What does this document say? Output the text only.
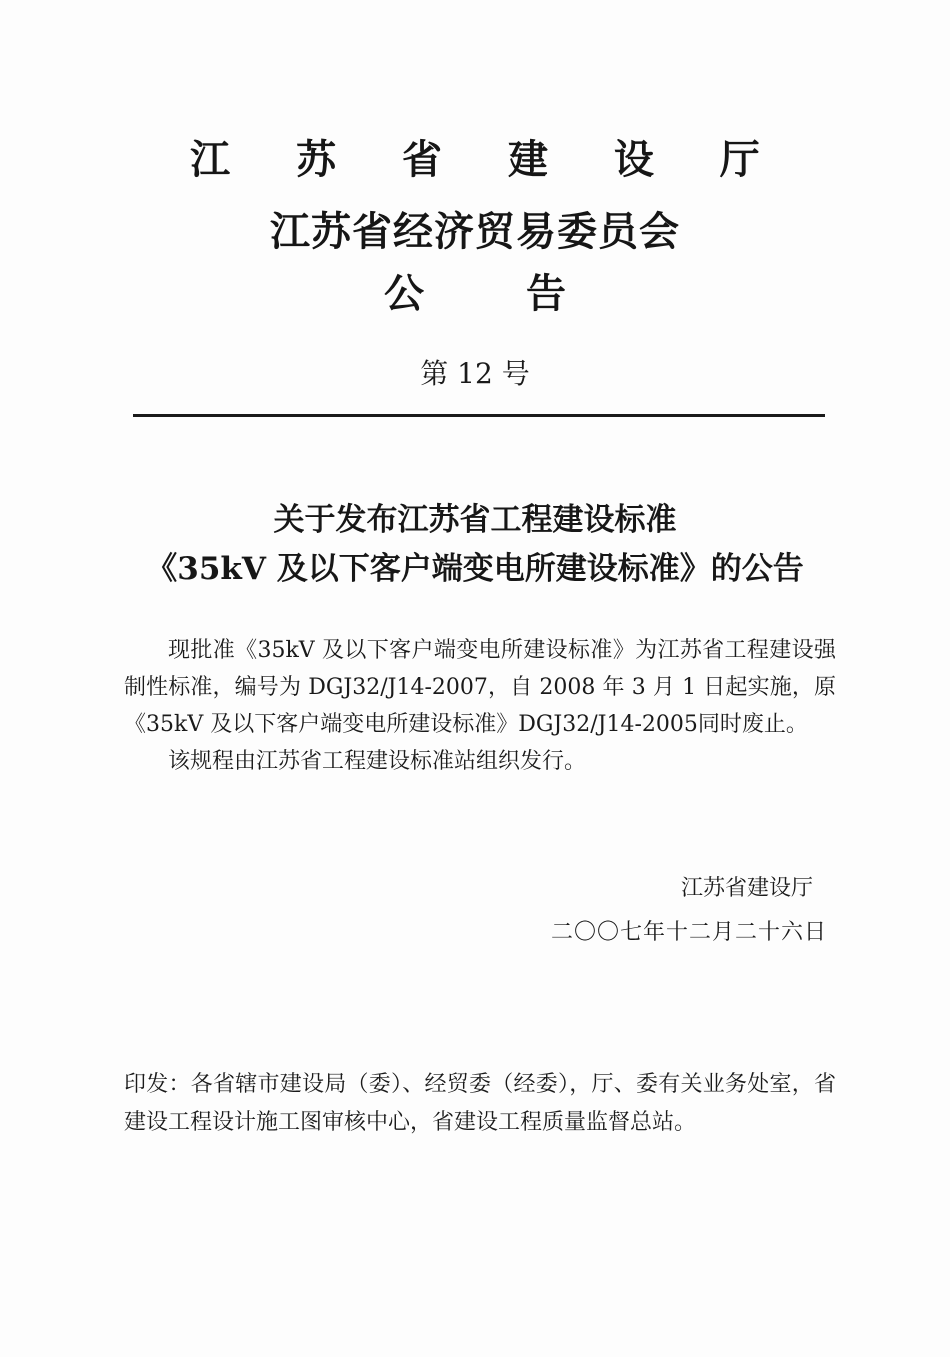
江 苏 省 建 设 厅
江苏省经济贸易委员会
公 告
第 12 号
关于发布江苏省工程建设标准
《35kV 及以下客户端变电所建设标准》的公告

现批准《35kV 及以下客户端变电所建设标准》为江苏省工程建设强制性标准，编号为 DGJ32/J14-2007，自 2008 年 3 月 1 日起实施，原《35kV 及以下客户端变电所建设标准》DGJ32/J14-2005同时废止。

该规程由江苏省工程建设标准站组织发行。

江苏省建设厅
二〇〇七年十二月二十六日
印发：各省辖市建设局（委）、经贸委（经委），厅、委有关业务处室，省建设工程设计施工图审核中心，省建设工程质量监督总站。
